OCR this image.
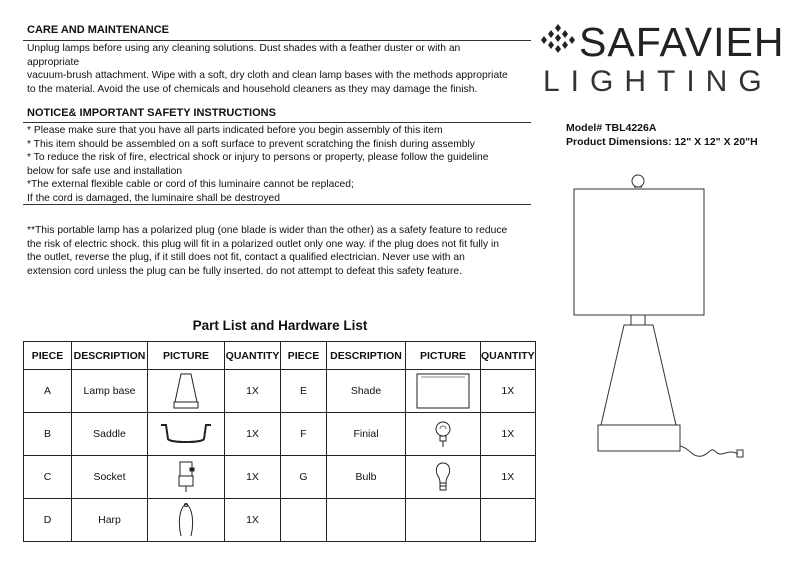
CARE AND MAINTENANCE
Unplug lamps before using any cleaning solutions. Dust shades with a feather duster or with an
appropriate
vacuum-brush attachment. Wipe with a soft, dry cloth and clean lamp bases with the methods appropriate
to the material. Avoid the use of chemicals and household cleaners as they may damage the finish.
NOTICE& IMPORTANT SAFETY INSTRUCTIONS
* Please make sure that you have all parts indicated before you begin assembly of this item
* This item should be assembled on a soft surface to prevent scratching the finish during assembly
* To reduce the risk of fire, electrical shock or injury to persons or property, please follow the guideline
below for safe use and installation
*The external flexible cable or cord of this luminaire cannot be replaced;
If the cord is damaged, the luminaire shall be destroyed
**This portable lamp has a polarized plug (one blade is wider than the other) as a safety feature to reduce
the risk of electric shock. this plug will fit in a polarized outlet only one way. if the plug does not fit fully in
the outlet, reverse the plug, if it still does not fit, contact a qualified electrician. Never use with an
extension cord unless the plug can be fully inserted. do not attempt to defeat this safety feature.
SAFAVIEH
LIGHTING
Model# TBL4226A
Product Dimensions: 12" X 12" X 20"H
Part List and Hardware List
PIECE	DESCRIPTION	PICTURE	QUANTITY	PIECE	DESCRIPTION	PICTURE	QUANTITY
A	Lamp base		1X	E	Shade		1X
B	Saddle		1X	F	Finial		1X
C	Socket		1X	G	Bulb		1X
D	Harp		1X				
